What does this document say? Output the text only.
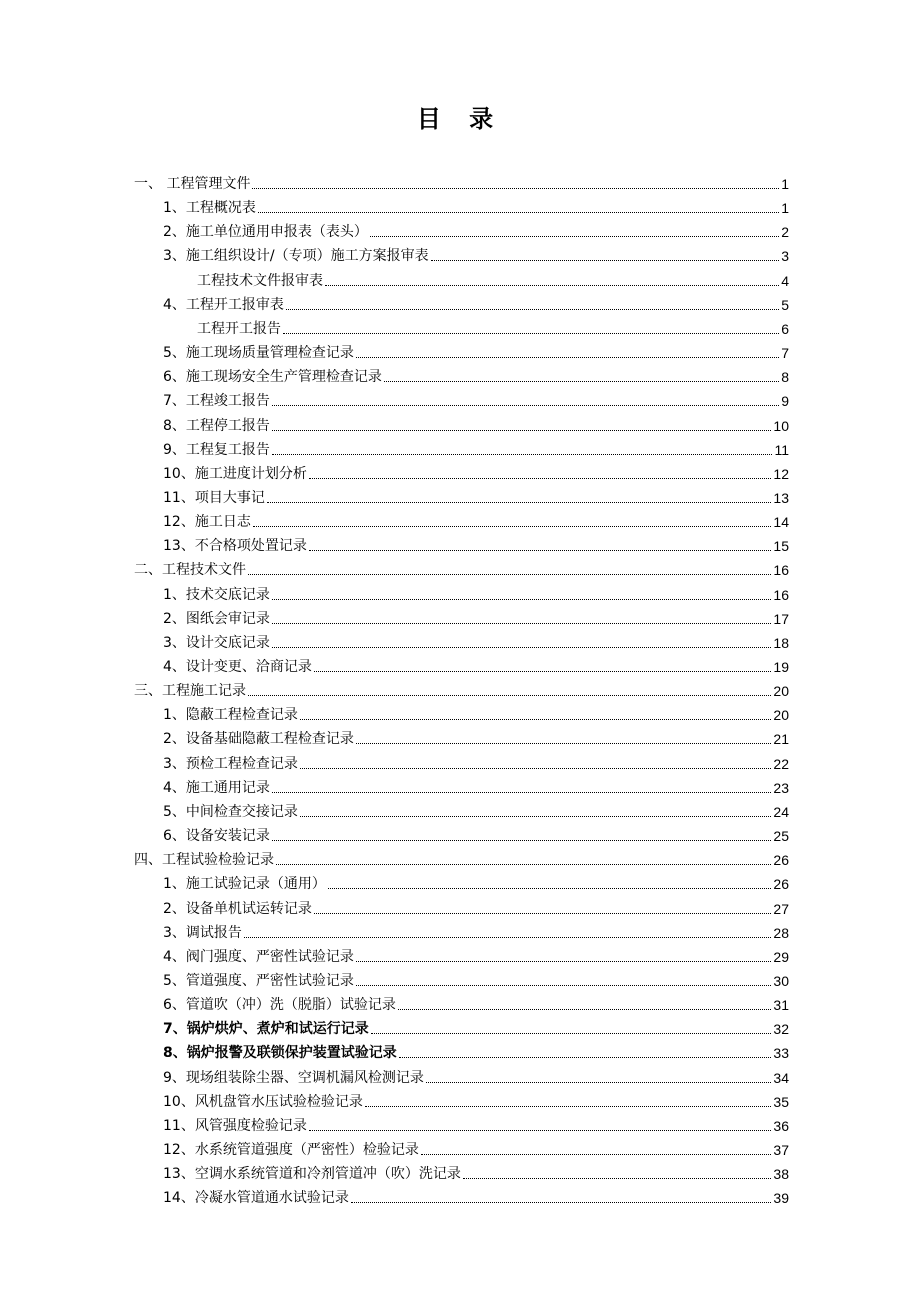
目 录
一、 工程管理文件	1
1、工程概况表	1
2、施工单位通用申报表（表头）	2
3、施工组织设计/（专项）施工方案报审表	3
工程技术文件报审表	4
4、工程开工报审表	5
工程开工报告	6
5、施工现场质量管理检查记录	7
6、施工现场安全生产管理检查记录	8
7、工程竣工报告	9
8、工程停工报告	10
9、工程复工报告	11
10、施工进度计划分析	12
11、项目大事记	13
12、施工日志	14
13、不合格项处置记录	15
二、工程技术文件	16
1、技术交底记录	16
2、图纸会审记录	17
3、设计交底记录	18
4、设计变更、洽商记录	19
三、工程施工记录	20
1、隐蔽工程检查记录	20
2、设备基础隐蔽工程检查记录	21
3、预检工程检查记录	22
4、施工通用记录	23
5、中间检查交接记录	24
6、设备安装记录	25
四、工程试验检验记录	26
1、施工试验记录（通用）	26
2、设备单机试运转记录	27
3、调试报告	28
4、阀门强度、严密性试验记录	29
5、管道强度、严密性试验记录	30
6、管道吹（冲）洗（脱脂）试验记录	31
7、锅炉烘炉、煮炉和试运行记录	32
8、锅炉报警及联锁保护装置试验记录	33
9、现场组装除尘器、空调机漏风检测记录	34
10、风机盘管水压试验检验记录	35
11、风管强度检验记录	36
12、水系统管道强度（严密性）检验记录	37
13、空调水系统管道和冷剂管道冲（吹）洗记录	38
14、冷凝水管道通水试验记录	39
